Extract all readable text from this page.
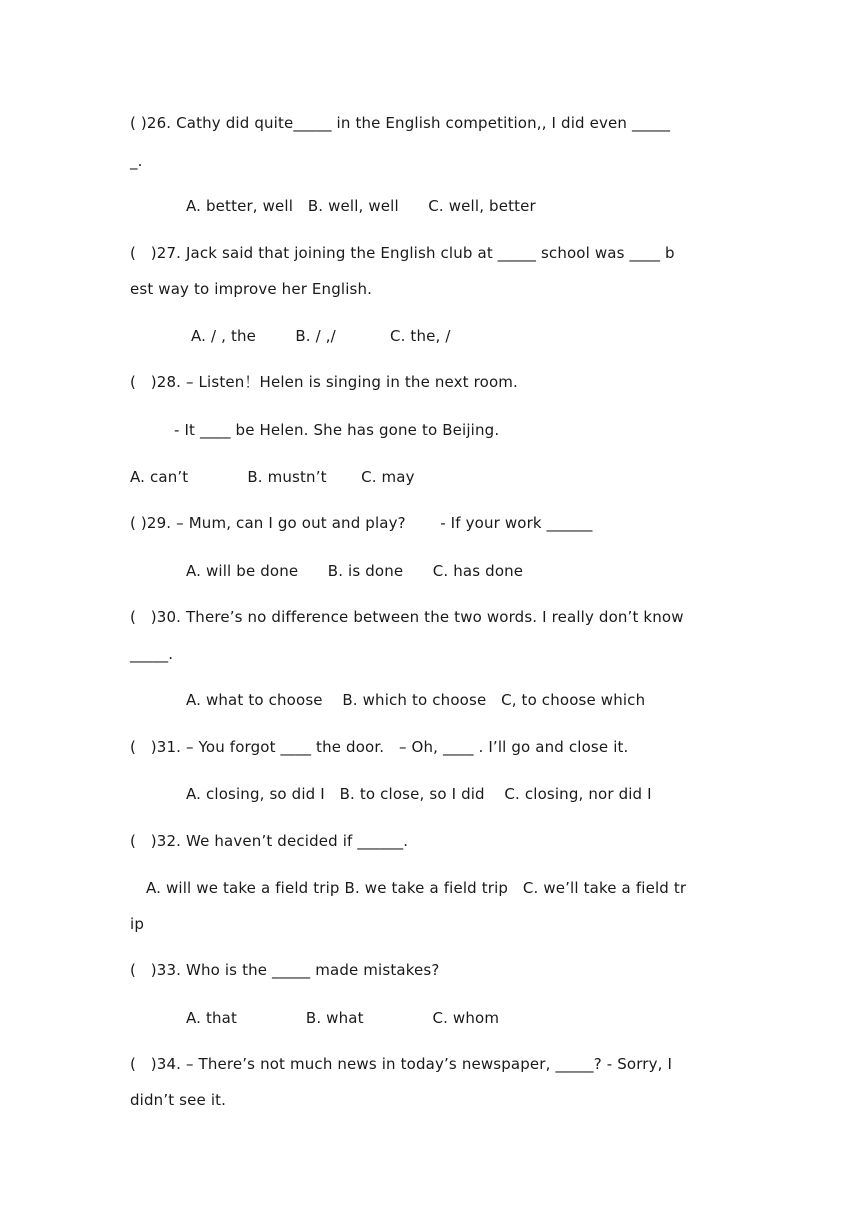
( )26. Cathy did quite_____ in the English competition,, I did even _____
_.
A. better, well   B. well, well      C. well, better
(   )27. Jack said that joining the English club at _____ school was ____ b
est way to improve her English.
A. / , the        B. / ,/           C. the, /
(   )28. – Listen！Helen is singing in the next room.
- It ____ be Helen. She has gone to Beijing.
A. can’t            B. mustn’t       C. may
( )29. – Mum, can I go out and play?       - If your work ______
A. will be done      B. is done      C. has done
(   )30. There’s no difference between the two words. I really don’t know
_____.
A. what to choose    B. which to choose   C, to choose which
(   )31. – You forgot ____ the door.   – Oh, ____ . I’ll go and close it.
A. closing, so did I   B. to close, so I did    C. closing, nor did I
(   )32. We haven’t decided if ______.
A. will we take a field trip B. we take a field trip   C. we’ll take a field tr
ip
(   )33. Who is the _____ made mistakes?
A. that              B. what              C. whom
(   )34. – There’s not much news in today’s newspaper, _____? - Sorry, I
didn’t see it.
